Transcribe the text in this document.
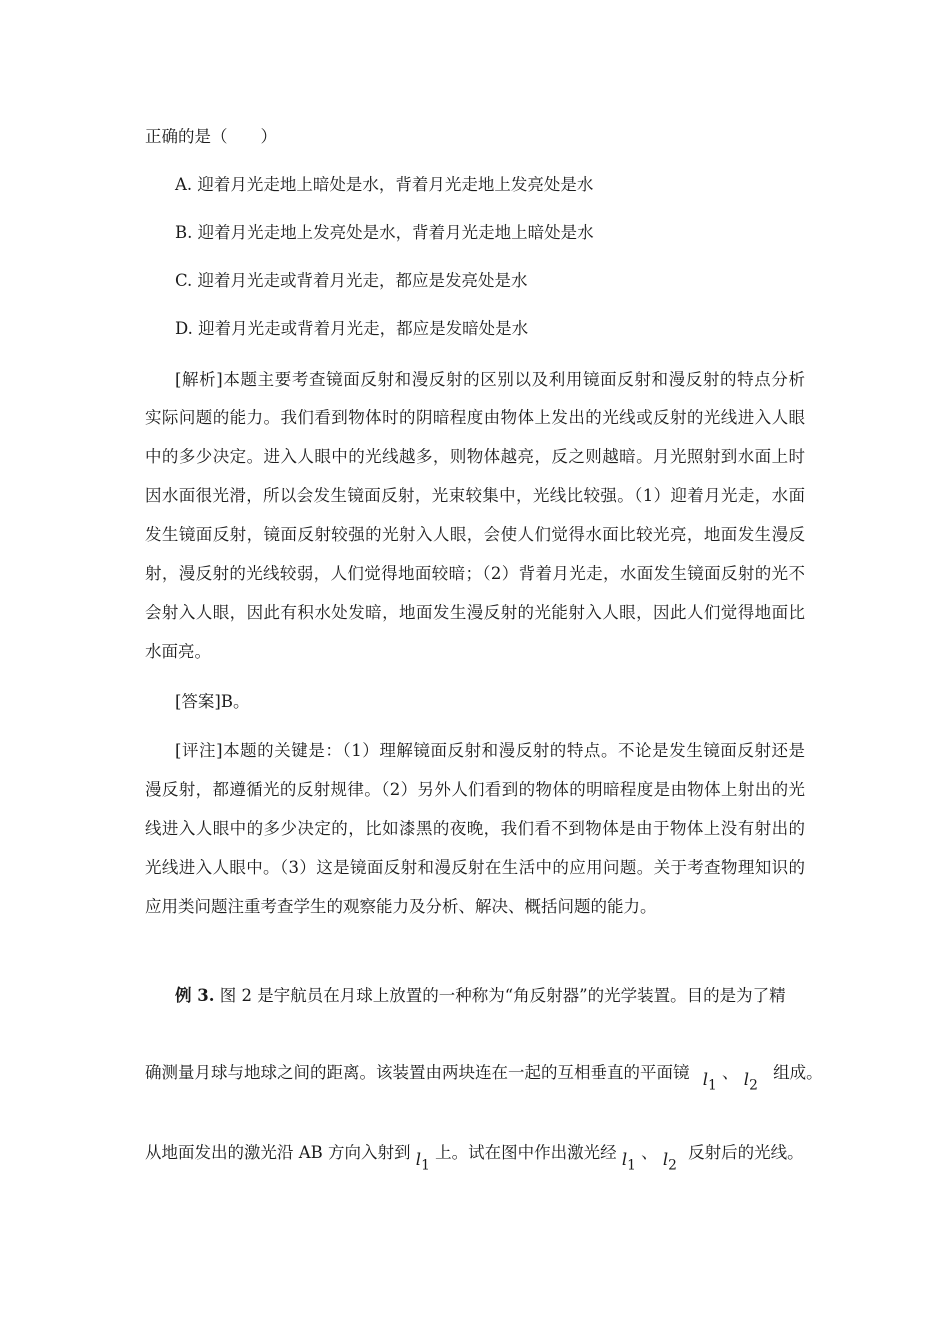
正确的是（　　）
A. 迎着月光走地上暗处是水，背着月光走地上发亮处是水
B. 迎着月光走地上发亮处是水，背着月光走地上暗处是水
C. 迎着月光走或背着月光走，都应是发亮处是水
D. 迎着月光走或背着月光走，都应是发暗处是水
[解析]本题主要考查镜面反射和漫反射的区别以及利用镜面反射和漫反射的特点分析
实际问题的能力。我们看到物体时的阴暗程度由物体上发出的光线或反射的光线进入人眼
中的多少决定。进入人眼中的光线越多，则物体越亮，反之则越暗。月光照射到水面上时
因水面很光滑，所以会发生镜面反射，光束较集中，光线比较强。（1）迎着月光走，水面
发生镜面反射，镜面反射较强的光射入人眼，会使人们觉得水面比较光亮，地面发生漫反
射，漫反射的光线较弱，人们觉得地面较暗；（2）背着月光走，水面发生镜面反射的光不
会射入人眼，因此有积水处发暗，地面发生漫反射的光能射入人眼，因此人们觉得地面比
水面亮。
[答案]B。
[评注]本题的关键是：（1）理解镜面反射和漫反射的特点。不论是发生镜面反射还是
漫反射，都遵循光的反射规律。（2）另外人们看到的物体的明暗程度是由物体上射出的光
线进入人眼中的多少决定的，比如漆黑的夜晚，我们看不到物体是由于物体上没有射出的
光线进入人眼中。（3）这是镜面反射和漫反射在生活中的应用问题。关于考查物理知识的
应用类问题注重考查学生的观察能力及分析、解决、概括问题的能力。
例 3. 图 2 是宇航员在月球上放置的一种称为“角反射器”的光学装置。目的是为了精
确测量月球与地球之间的距离。该装置由两块连在一起的互相垂直的平面镜 $l_1$ 、 $l_2$ 组成。
从地面发出的激光沿 AB 方向入射到 $l_1$ 上。试在图中作出激光经 $l_1$ 、 $l_2$ 反射后的光线。
